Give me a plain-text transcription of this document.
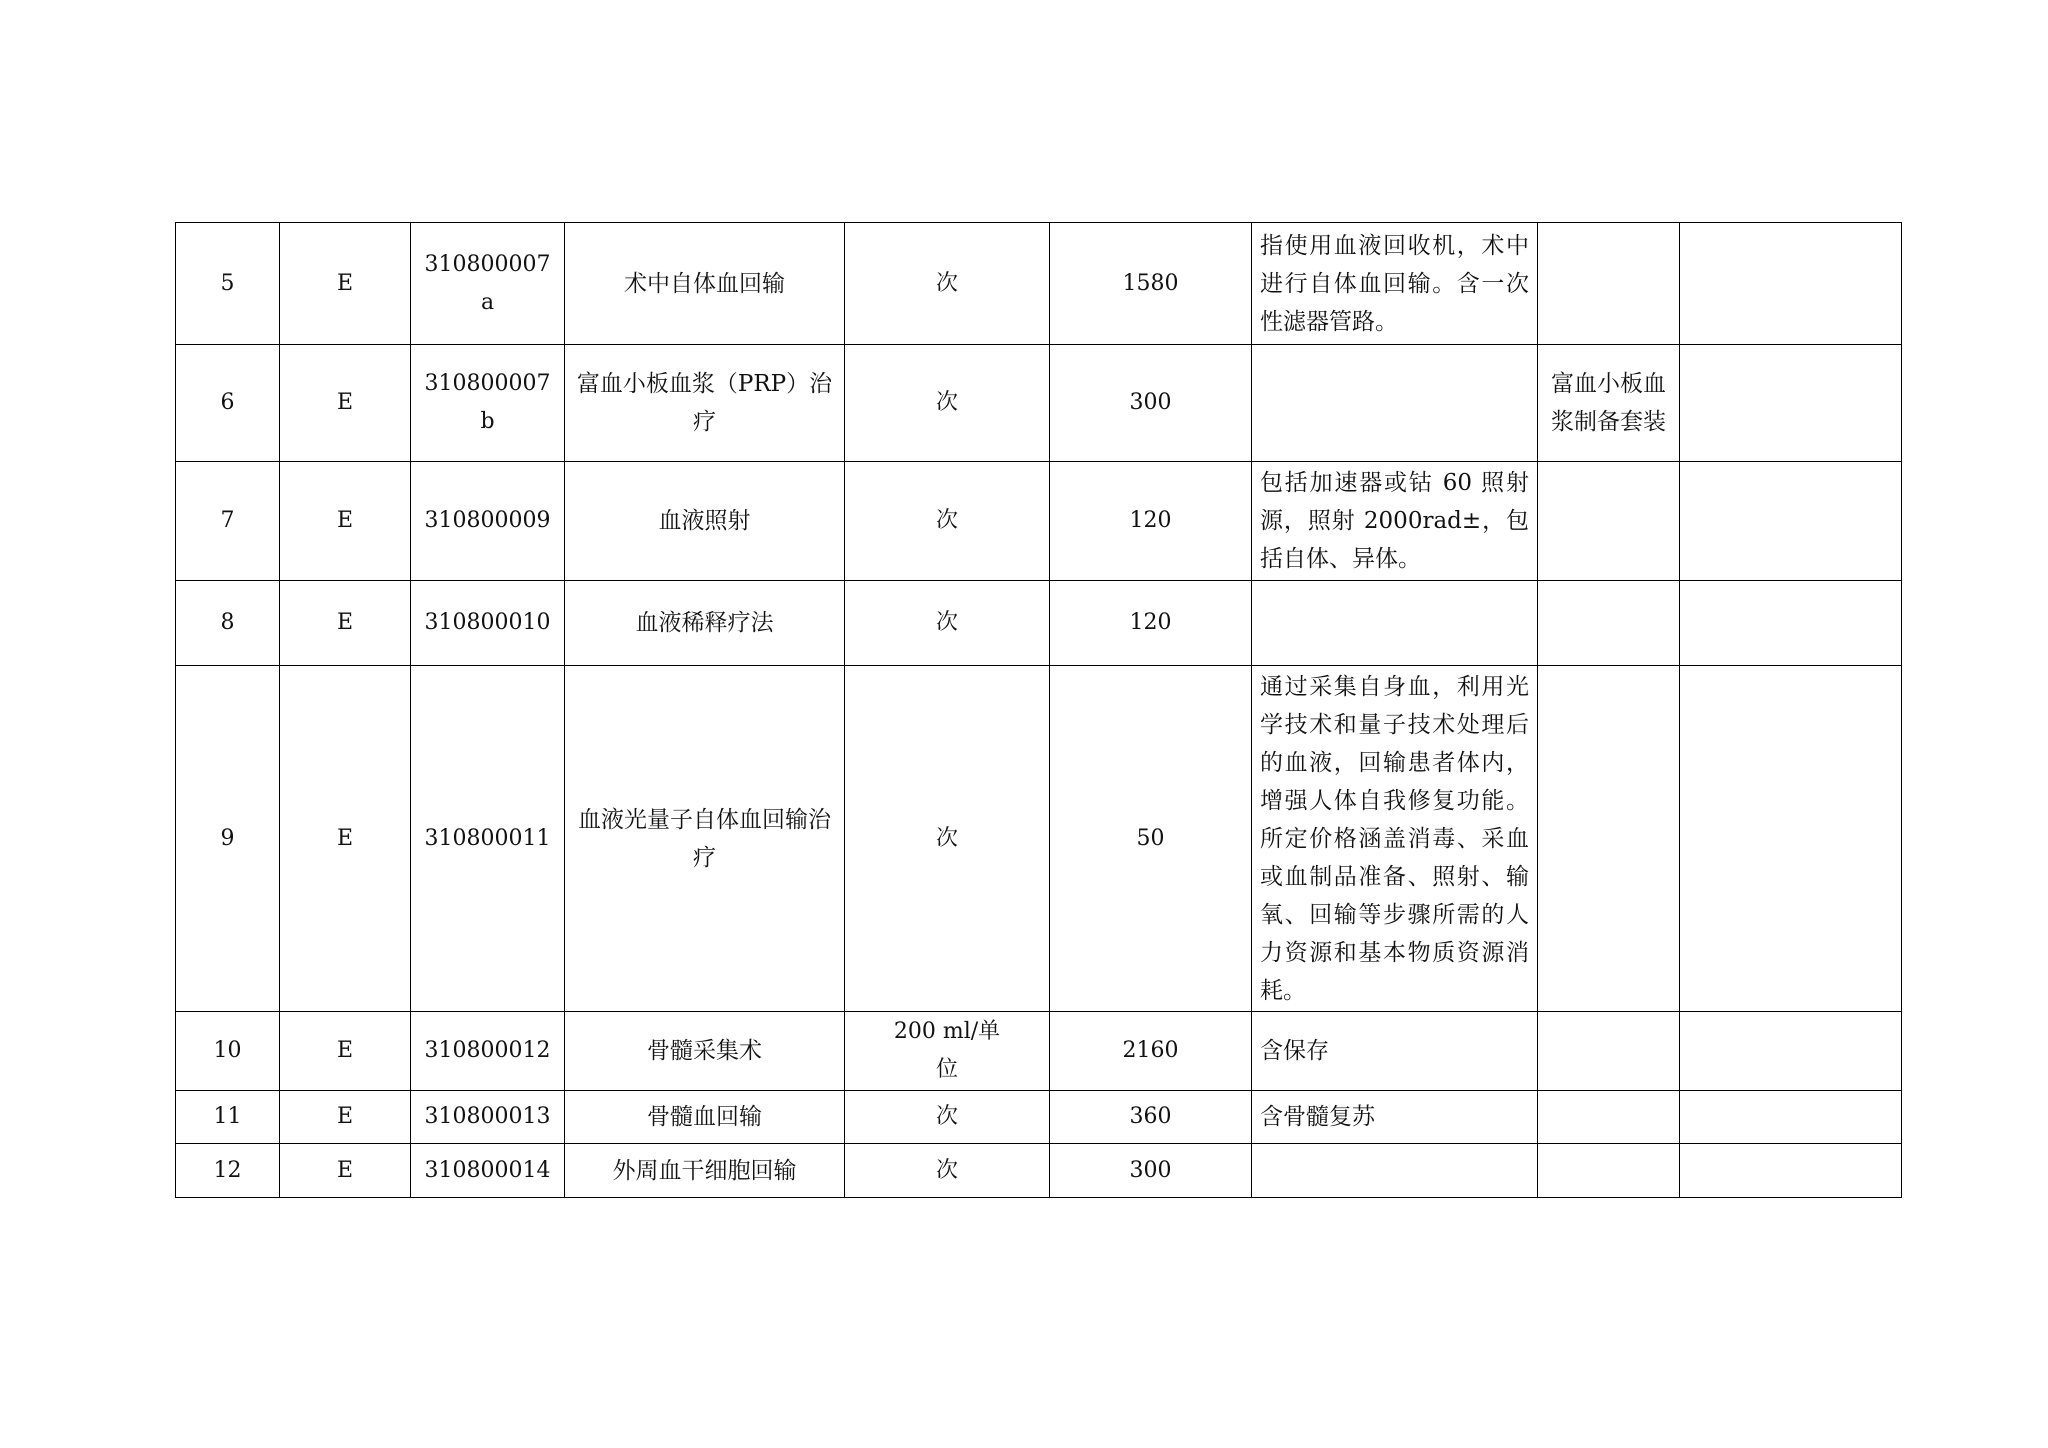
5	E	310800007a	术中自体血回输	次	1580	指使用血液回收机，术中进行自体血回输。含一次性滤器管路。		
6	E	310800007b	富血小板血浆（PRP）治疗	次	300		富血小板血浆制备套装	
7	E	310800009	血液照射	次	120	包括加速器或钴 60 照射源，照射 2000rad±，包括自体、异体。		
8	E	310800010	血液稀释疗法	次	120			
9	E	310800011	血液光量子自体血回输治疗	次	50	通过采集自身血，利用光学技术和量子技术处理后的血液，回输患者体内，增强人体自我修复功能。所定价格涵盖消毒、采血或血制品准备、照射、输氧、回输等步骤所需的人力资源和基本物质资源消耗。		
10	E	310800012	骨髓采集术	200 ml/单位	2160	含保存		
11	E	310800013	骨髓血回输	次	360	含骨髓复苏		
12	E	310800014	外周血干细胞回输	次	300			
